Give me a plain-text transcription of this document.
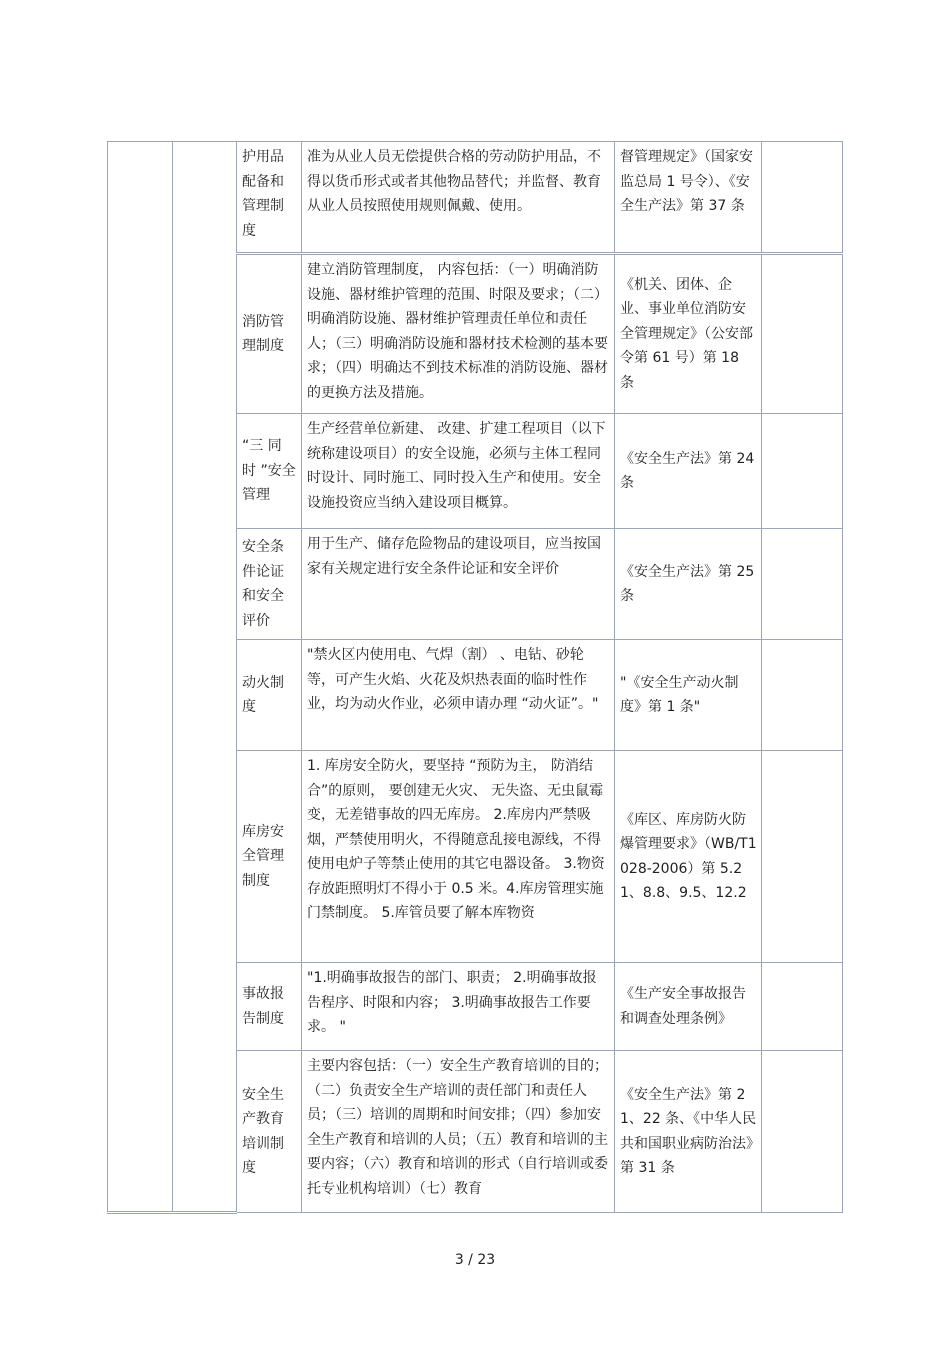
		护用品配备和管理制度	准为从业人员无偿提供合格的劳动防护用品，不得以货币形式或者其他物品替代；并监督、教育从业人员按照使用规则佩戴、使用。	督管理规定》（国家安监总局 1 号令）、《安全生产法》第 37 条	
		消防管理制度	建立消防管理制度， 内容包括：（一）明确消防设施、器材维护管理的范围、时限及要求；（二）明确消防设施、器材维护管理责任单位和责任人；（三）明确消防设施和器材技术检测的基本要求；（四）明确达不到技术标准的消防设施、器材的更换方法及措施。	《机关、团体、企业、事业单位消防安全管理规定》（公安部令第 61 号）第 18 条	
		“三 同 时 ”安全管理	生产经营单位新建、 改建、扩建工程项目（以下统称建设项目）的安全设施，必须与主体工程同时设计、同时施工、同时投入生产和使用。安全设施投资应当纳入建设项目概算。	《安全生产法》第 24 条	
		安全条件论证和安全评价	用于生产、储存危险物品的建设项目，应当按国家有关规定进行安全条件论证和安全评价	《安全生产法》第 25 条	
		动火制度	"禁火区内使用电、气焊（割） 、电钻、砂轮等，可产生火焰、火花及炽热表面的临时性作业，均为动火作业，必须申请办理 “动火证”。"	"《安全生产动火制度》第 1 条"	
		库房安全管理制度	1. 库房安全防火，要坚持 “预防为主， 防消结合”的原则， 要创建无火灾、 无失盗、无虫鼠霉变，无差错事故的四无库房。 2.库房内严禁吸烟，严禁使用明火，不得随意乱接电源线，不得使用电炉子等禁止使用的其它电器设备。 3.物资存放距照明灯不得小于 0.5 米。4.库房管理实施门禁制度。 5.库管员要了解本库物资	《库区、库房防火防爆管理要求》（WB/T1028-2006）第 5.21、8.8、9.5、12.2	
		事故报告制度	"1.明确事故报告的部门、职责； 2.明确事故报告程序、时限和内容； 3.明确事故报告工作要求。 "	《生产安全事故报告和调查处理条例》	
		安全生产教育培训制度	主要内容包括：（一）安全生产教育培训的目的；（二）负责安全生产培训的责任部门和责任人员；（三）培训的周期和时间安排；（四）参加安全生产教育和培训的人员；（五）教育和培训的主要内容；（六）教育和培训的形式（自行培训或委托专业机构培训）（七）教育	《安全生产法》第 21、22 条、《中华人民共和国职业病防治法》第 31 条	
3 / 23
